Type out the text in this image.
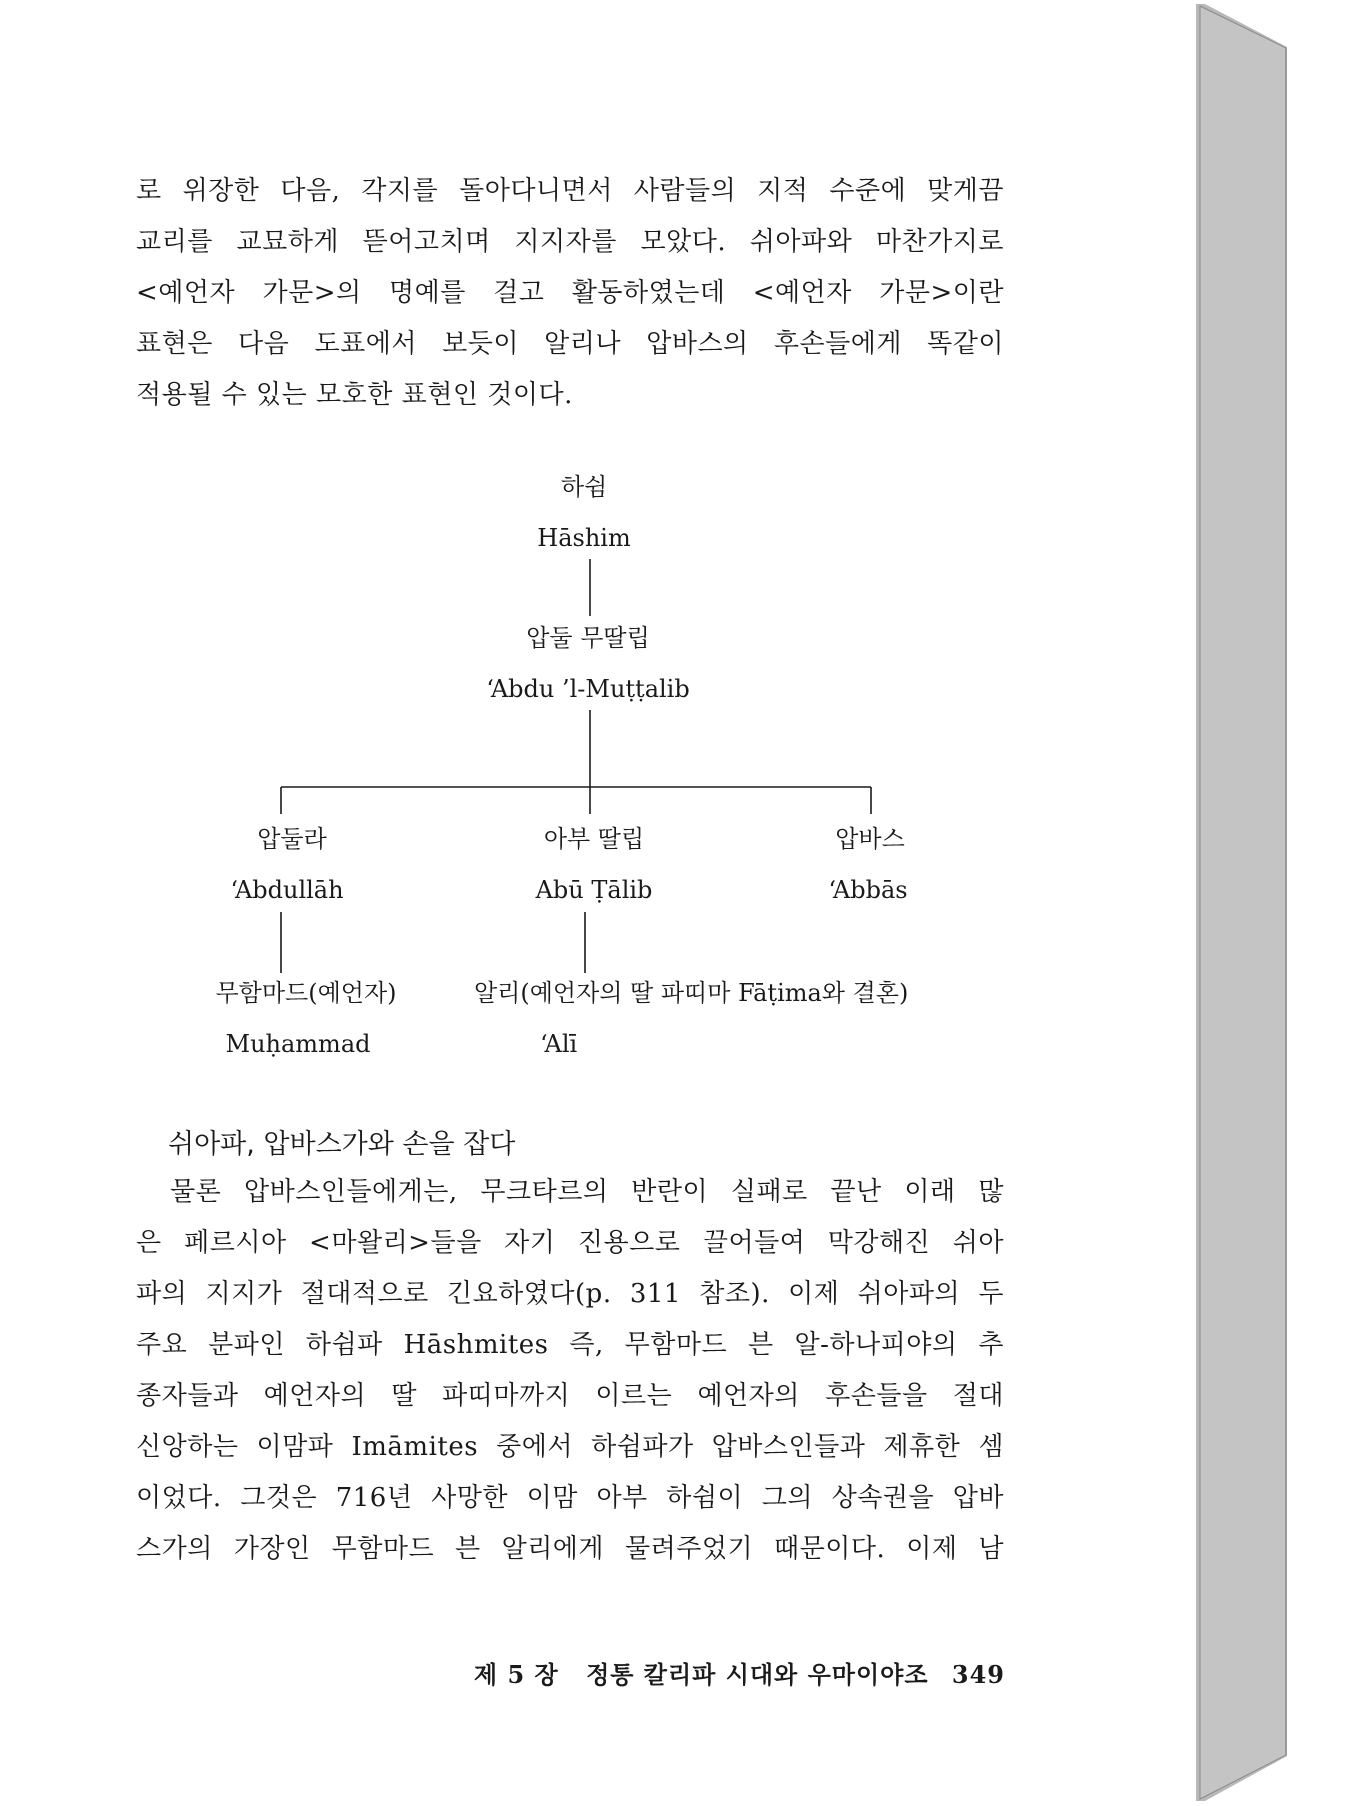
로 위장한 다음, 각지를 돌아다니면서 사람들의 지적 수준에 맞게끔
교리를 교묘하게 뜯어고치며 지지자를 모았다. 쉬아파와 마찬가지로
<예언자 가문>의 명예를 걸고 활동하였는데 <예언자 가문>이란
표현은 다음 도표에서 보듯이 알리나 압바스의 후손들에게 똑같이
적용될 수 있는 모호한 표현인 것이다.
하쉼
Hāshim
압둘 무딸립
‘Abdu ’l-Muṭṭalib
압둘라
‘Abdullāh
아부 딸립
Abū Ṭālib
압바스
‘Abbās
무함마드(예언자)
Muḥammad
알리(예언자의 딸 파띠마 Fāṭima와 결혼)
‘Alī
쉬아파, 압바스가와 손을 잡다
물론 압바스인들에게는, 무크타르의 반란이 실패로 끝난 이래 많
은 페르시아 <마왈리>들을 자기 진용으로 끌어들여 막강해진 쉬아
파의 지지가 절대적으로 긴요하였다(p. 311 참조). 이제 쉬아파의 두
주요 분파인 하쉼파 Hāshmites 즉, 무함마드 븐 알-하나피야의 추
종자들과 예언자의 딸 파띠마까지 이르는 예언자의 후손들을 절대
신앙하는 이맘파 Imāmites 중에서 하쉼파가 압바스인들과 제휴한 셈
이었다. 그것은 716년 사망한 이맘 아부 하쉼이 그의 상속권을 압바
스가의 가장인 무함마드 븐 알리에게 물려주었기 때문이다. 이제 남
제 5 장 정통 칼리파 시대와 우마이야조 349
